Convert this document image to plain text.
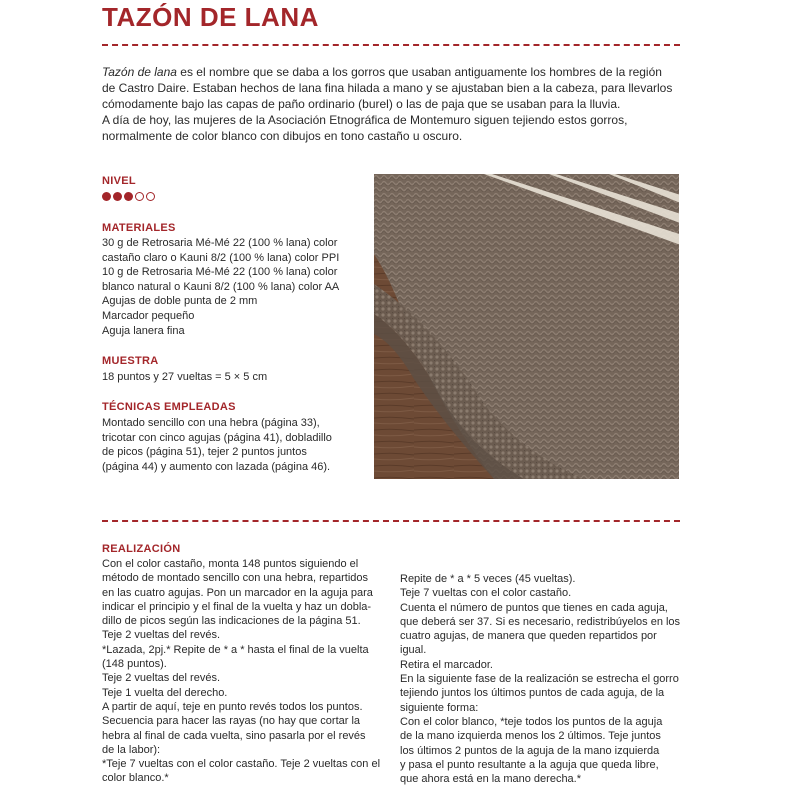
TAZÓN DE LANA

Tazón de lana es el nombre que se daba a los gorros que usaban antiguamente los hombres de la región
de Castro Daire. Estaban hechos de lana fina hilada a mano y se ajustaban bien a la cabeza, para llevarlos
cómodamente bajo las capas de paño ordinario (burel) o las de paja que se usaban para la lluvia.

A día de hoy, las mujeres de la Asociación Etnográfica de Montemuro siguen tejiendo estos gorros,
normalmente de color blanco con dibujos en tono castaño u oscuro.

NIVEL
MATERIALES
30 g de Retrosaria Mé-Mé 22 (100 % lana) color
castaño claro o Kauni 8/2 (100 % lana) color PPI
10 g de Retrosaria Mé-Mé 22 (100 % lana) color
blanco natural o Kauni 8/2 (100 % lana) color AA
Agujas de doble punta de 2 mm
Marcador pequeño
Aguja lanera fina
MUESTRA
18 puntos y 27 vueltas = 5 × 5 cm
TÉCNICAS EMPLEADAS
Montado sencillo con una hebra (página 33),
tricotar con cinco agujas (página 41), dobladillo
de picos (página 51), tejer 2 puntos juntos
(página 44) y aumento con lazada (página 46).
REALIZACIÓN
Con el color castaño, monta 148 puntos siguiendo el
método de montado sencillo con una hebra, repartidos
en las cuatro agujas. Pon un marcador en la aguja para
indicar el principio y el final de la vuelta y haz un dobla-
dillo de picos según las indicaciones de la página 51.
Teje 2 vueltas del revés.
*Lazada, 2pj.* Repite de * a * hasta el final de la vuelta
(148 puntos).
Teje 2 vueltas del revés.
Teje 1 vuelta del derecho.
A partir de aquí, teje en punto revés todos los puntos.
Secuencia para hacer las rayas (no hay que cortar la
hebra al final de cada vuelta, sino pasarla por el revés
de la labor):
*Teje 7 vueltas con el color castaño. Teje 2 vueltas con el
color blanco.*
Repite de * a * 5 veces (45 vueltas).
Teje 7 vueltas con el color castaño.
Cuenta el número de puntos que tienes en cada aguja,
que deberá ser 37. Si es necesario, redistribúyelos en los
cuatro agujas, de manera que queden repartidos por
igual.
Retira el marcador.
En la siguiente fase de la realización se estrecha el gorro
tejiendo juntos los últimos puntos de cada aguja, de la
siguiente forma:
Con el color blanco, *teje todos los puntos de la aguja
de la mano izquierda menos los 2 últimos. Teje juntos
los últimos 2 puntos de la aguja de la mano izquierda
y pasa el punto resultante a la aguja que queda libre,
que ahora está en la mano derecha.*
